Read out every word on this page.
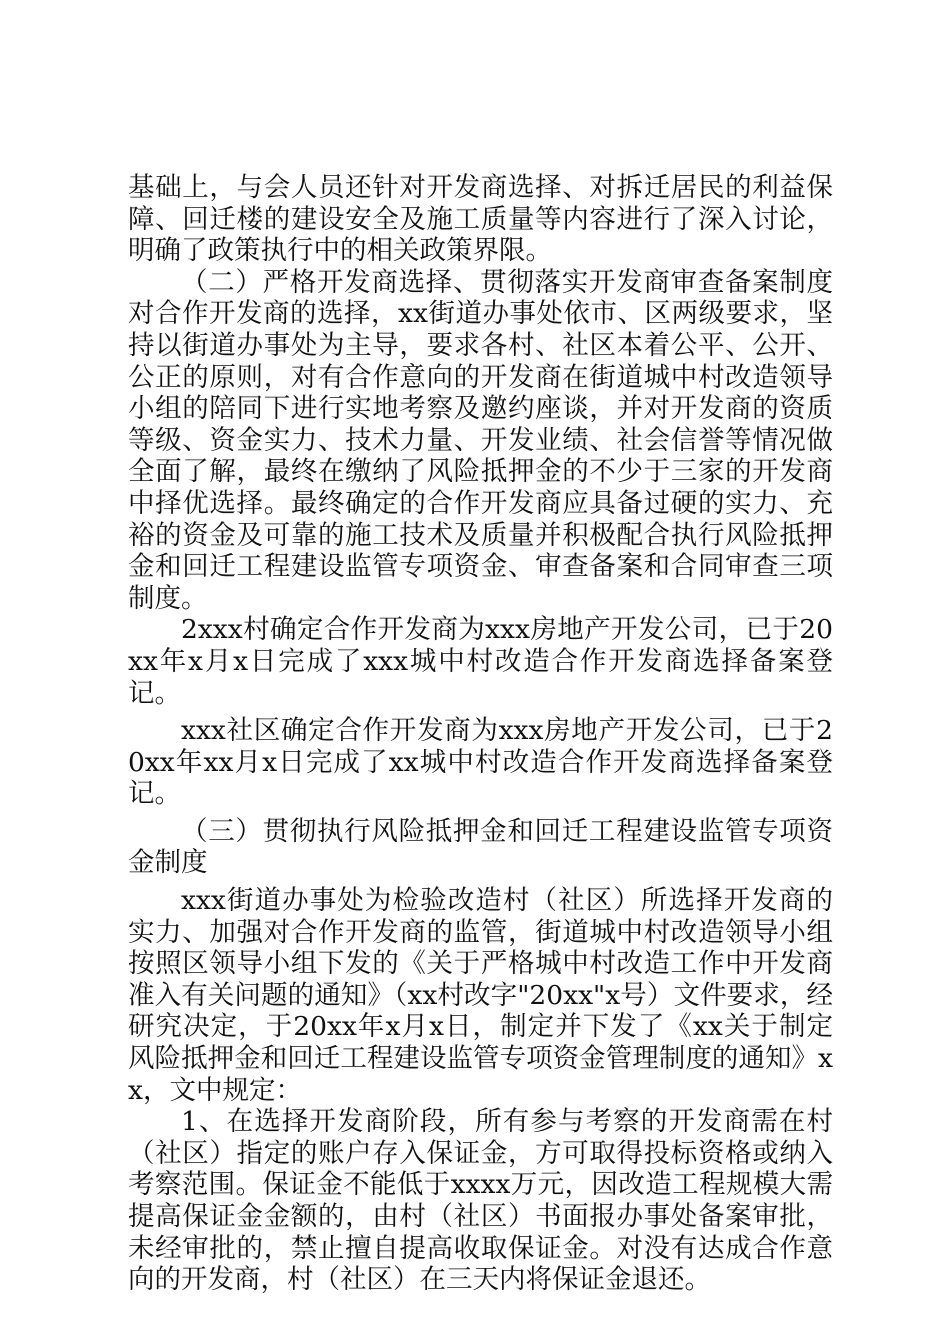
基础上，与会人员还针对开发商选择、对拆迁居民的利益保障、回迁楼的建设安全及施工质量等内容进行了深入讨论，明确了政策执行中的相关政策界限。

（二）严格开发商选择、贯彻落实开发商审查备案制度对合作开发商的选择，xx街道办事处依市、区两级要求，坚持以街道办事处为主导，要求各村、社区本着公平、公开、公正的原则，对有合作意向的开发商在街道城中村改造领导小组的陪同下进行实地考察及邀约座谈，并对开发商的资质等级、资金实力、技术力量、开发业绩、社会信誉等情况做全面了解，最终在缴纳了风险抵押金的不少于三家的开发商中择优选择。最终确定的合作开发商应具备过硬的实力、充裕的资金及可靠的施工技术及质量并积极配合执行风险抵押金和回迁工程建设监管专项资金、审查备案和合同审查三项制度。

2xxx村确定合作开发商为xxx房地产开发公司，已于20xx年x月x日完成了xxx城中村改造合作开发商选择备案登记。

xxx社区确定合作开发商为xxx房地产开发公司，已于20xx年xx月x日完成了xx城中村改造合作开发商选择备案登记。

（三）贯彻执行风险抵押金和回迁工程建设监管专项资金制度

xxx街道办事处为检验改造村（社区）所选择开发商的实力、加强对合作开发商的监管，街道城中村改造领导小组按照区领导小组下发的《关于严格城中村改造工作中开发商准入有关问题的通知》（xx村改字"20xx"x号）文件要求，经研究决定，于20xx年x月x日，制定并下发了《xx关于制定风险抵押金和回迁工程建设监管专项资金管理制度的通知》xx，文中规定：

1、在选择开发商阶段，所有参与考察的开发商需在村（社区）指定的账户存入保证金，方可取得投标资格或纳入考察范围。保证金不能低于xxxx万元，因改造工程规模大需提高保证金金额的，由村（社区）书面报办事处备案审批，未经审批的，禁止擅自提高收取保证金。对没有达成合作意向的开发商，村（社区）在三天内将保证金退还。
